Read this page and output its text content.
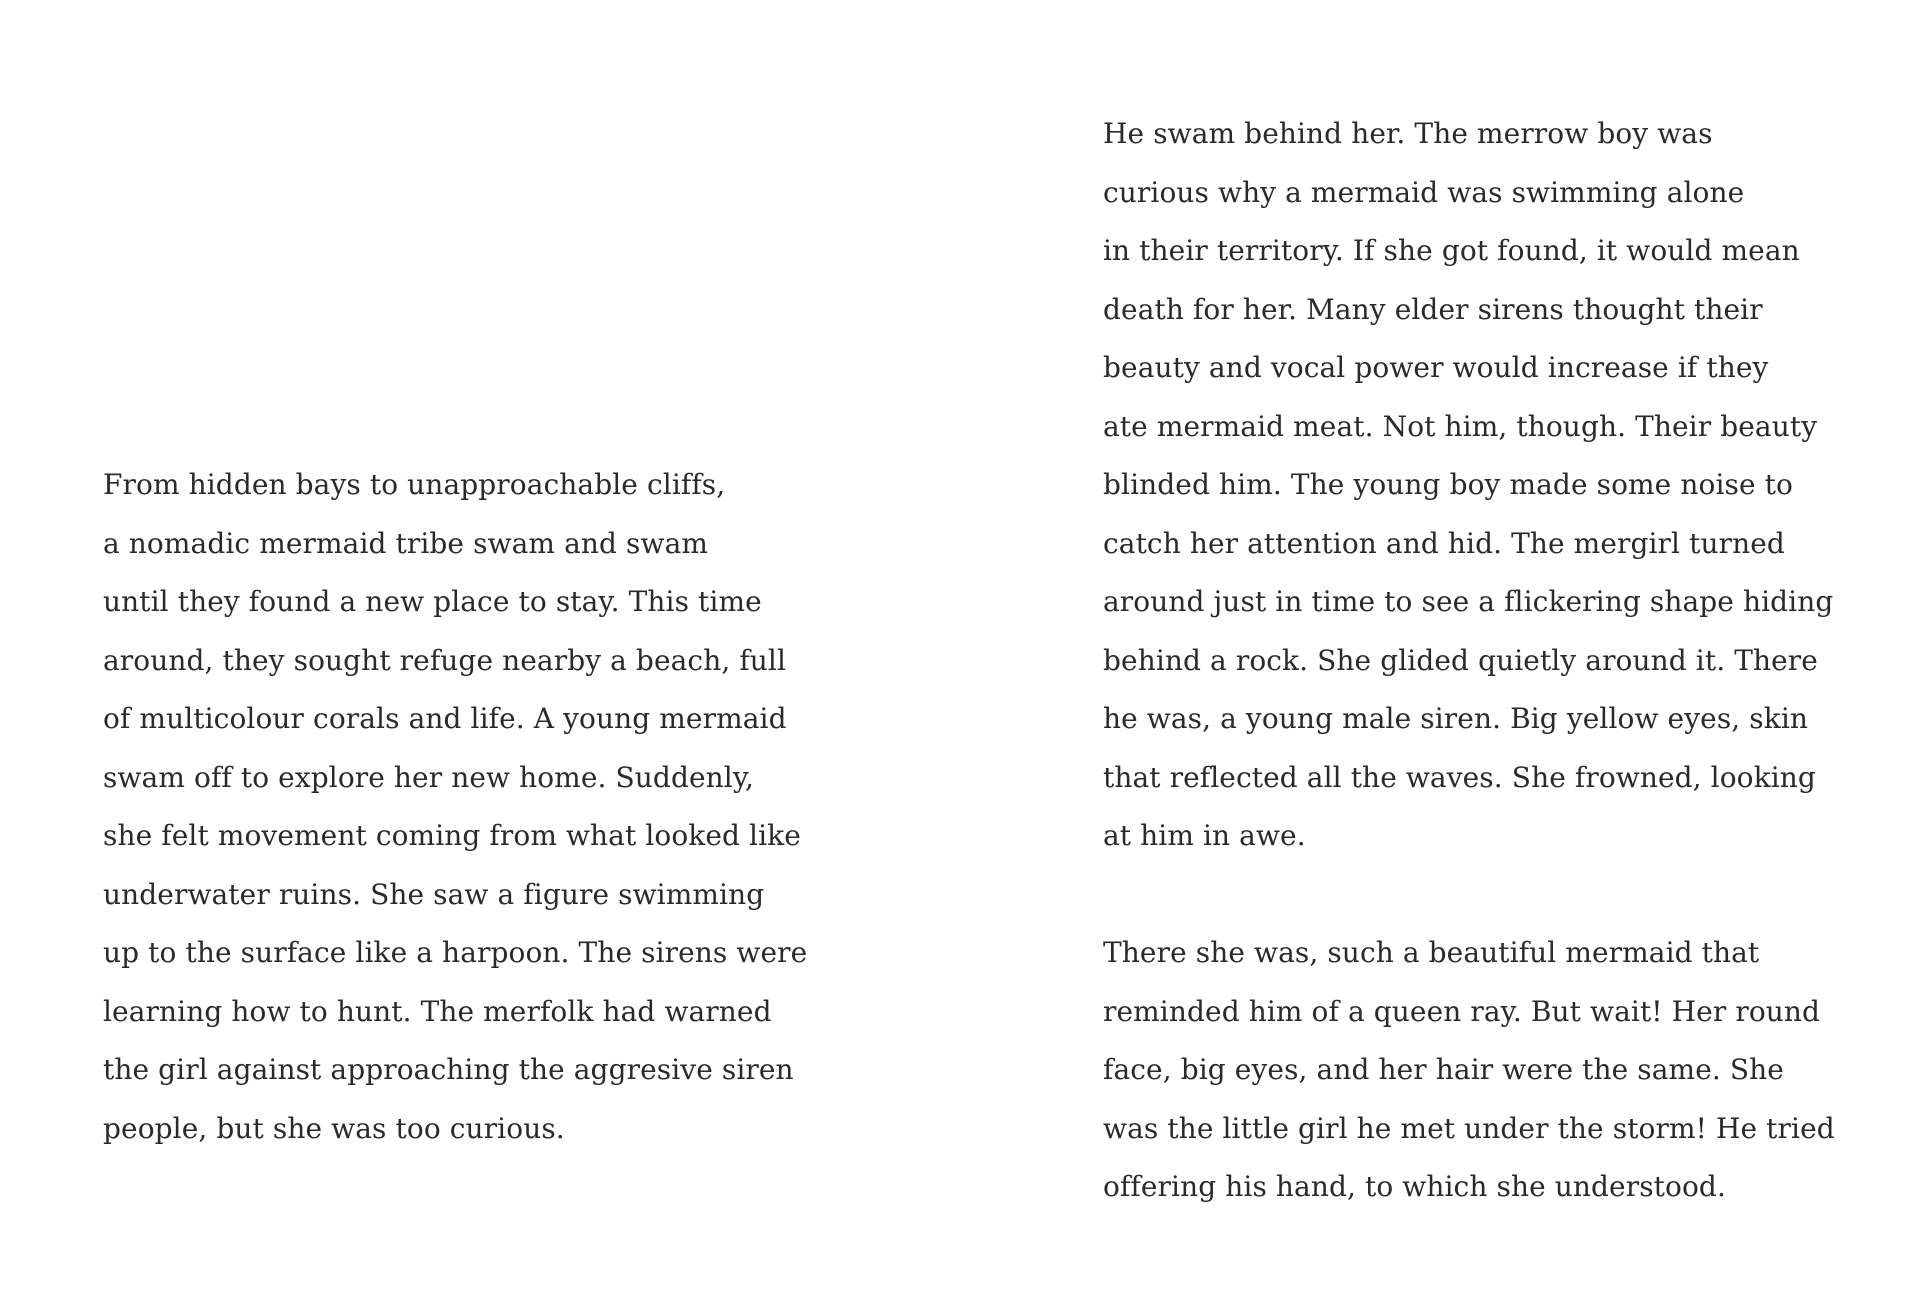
From hidden bays to unapproachable cliffs,
a nomadic mermaid tribe swam and swam
until they found a new place to stay. This time
around, they sought refuge nearby a beach, full
of multicolour corals and life. A young mermaid
swam off to explore her new home. Suddenly,
she felt movement coming from what looked like
underwater ruins. She saw a figure swimming
up to the surface like a harpoon. The sirens were
learning how to hunt. The merfolk had warned
the girl against approaching the aggresive siren
people, but she was too curious.

He swam behind her. The merrow boy was
curious why a mermaid was swimming alone
in their territory. If she got found, it would mean
death for her. Many elder sirens thought their
beauty and vocal power would increase if they
ate mermaid meat. Not him, though. Their beauty
blinded him. The young boy made some noise to
catch her attention and hid. The mergirl turned
around just in time to see a flickering shape hiding
behind a rock. She glided quietly around it. There
he was, a young male siren. Big yellow eyes, skin
that reflected all the waves. She frowned, looking
at him in awe.

There she was, such a beautiful mermaid that
reminded him of a queen ray. But wait! Her round
face, big eyes, and her hair were the same. She
was the little girl he met under the storm! He tried
offering his hand, to which she understood.
